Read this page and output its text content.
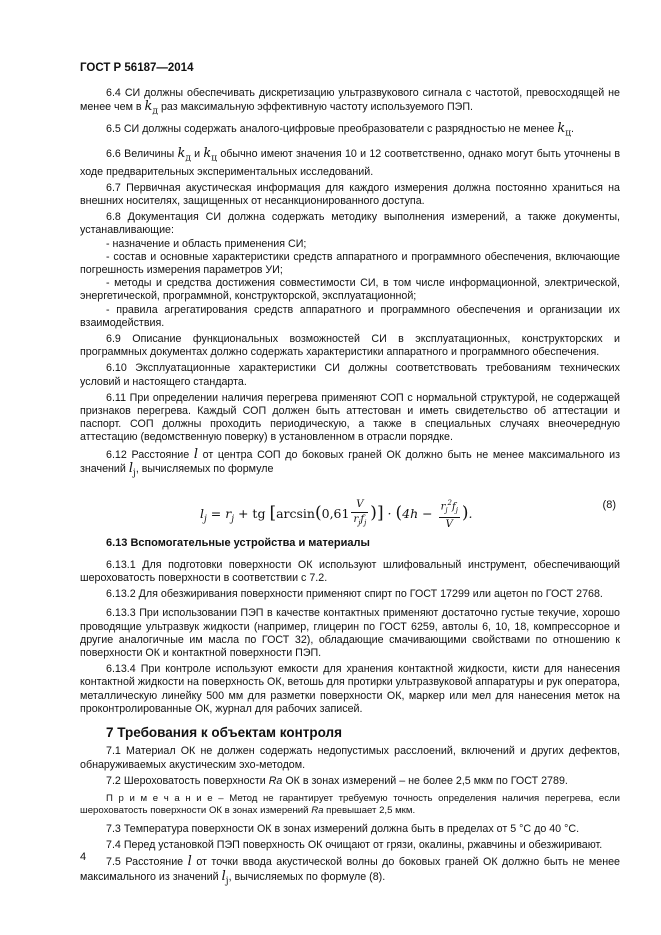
ГОСТ Р 56187—2014

6.4 СИ должны обеспечивать дискретизацию ультразвукового сигнала с частотой, превосходящей не менее чем в $k_д$ раз максимальную эффективную частоту используемого ПЭП.

6.5 СИ должны содержать аналого-цифровые преобразователи с разрядностью не менее $k_ц$.

6.6 Величины $k_д$ и $k_ц$ обычно имеют значения 10 и 12 соответственно, однако могут быть уточнены в ходе предварительных экспериментальных исследований.

6.7 Первичная акустическая информация для каждого измерения должна постоянно храниться на внешних носителях, защищенных от несанкционированного доступа.

6.8 Документация СИ должна содержать методику выполнения измерений, а также документы, устанавливающие:

- назначение и область применения СИ;

- состав и основные характеристики средств аппаратного и программного обеспечения, включающие погрешность измерения параметров УИ;

- методы и средства достижения совместимости СИ, в том числе информационной, электрической, энергетической, программной, конструкторской, эксплуатационной;

- правила агрегатирования средств аппаратного и программного обеспечения и организации их взаимодействия.

6.9 Описание функциональных возможностей СИ в эксплуатационных, конструкторских и программных документах должно содержать характеристики аппаратного и программного обеспечения.

6.10 Эксплуатационные характеристики СИ должны соответствовать требованиям технических условий и настоящего стандарта.

6.11 При определении наличия перегрева применяют СОП с нормальной структурой, не содержащей признаков перегрева. Каждый СОП должен быть аттестован и иметь свидетельство об аттестации и паспорт. СОП должны проходить периодическую, а также в специальных случаях внеочередную аттестацию (ведомственную поверку) в установленном в отрасли порядке.

6.12 Расстояние l от центра СОП до боковых граней ОК должно быть не менее максимального из значений $l_j$, вычисляемых по формуле

$l_j = r_j$ + tg [$\arcsin(0,61 \frac{V}{r_jf_j}$ )] · ($4h - \frac{r_j^2f_j}{V}$ ).
(8)
6.13 Вспомогательные устройства и материалы

6.13.1 Для подготовки поверхности ОК используют шлифовальный инструмент, обеспечивающий шероховатость поверхности в соответствии с 7.2.

6.13.2 Для обезжиривания поверхности применяют спирт по ГОСТ 17299 или ацетон по ГОСТ 2768.

6.13.3 При использовании ПЭП в качестве контактных применяют достаточно густые текучие, хорошо проводящие ультразвук жидкости (например, глицерин по ГОСТ 6259, автолы 6, 10, 18, компрессорное и другие аналогичные им масла по ГОСТ 32), обладающие смачивающими свойствами по отношению к поверхности ОК и контактной поверхности ПЭП.

6.13.4 При контроле используют емкости для хранения контактной жидкости, кисти для нанесения контактной жидкости на поверхность ОК, ветошь для протирки ультразвуковой аппаратуры и рук оператора, металлическую линейку 500 мм для разметки поверхности ОК, маркер или мел для нанесения меток на проконтролированные ОК, журнал для рабочих записей.

7 Требования к объектам контроля

7.1 Материал ОК не должен содержать недопустимых расслоений, включений и других дефектов, обнаруживаемых акустическим эхо-методом.

7.2 Шероховатость поверхности Ra ОК в зонах измерений – не более 2,5 мкм по ГОСТ 2789.

П р и м е ч а н и е – Метод не гарантирует требуемую точность определения наличия перегрева, если шероховатость поверхности ОК в зонах измерений Ra превышает 2,5 мкм.

7.3 Температура поверхности ОК в зонах измерений должна быть в пределах от 5 °С до 40 °С.

7.4 Перед установкой ПЭП поверхность ОК очищают от грязи, окалины, ржавчины и обезжиривают.

7.5 Расстояние l от точки ввода акустической волны до боковых граней ОК должно быть не менее максимального из значений $l_j$, вычисляемых по формуле (8).

4
